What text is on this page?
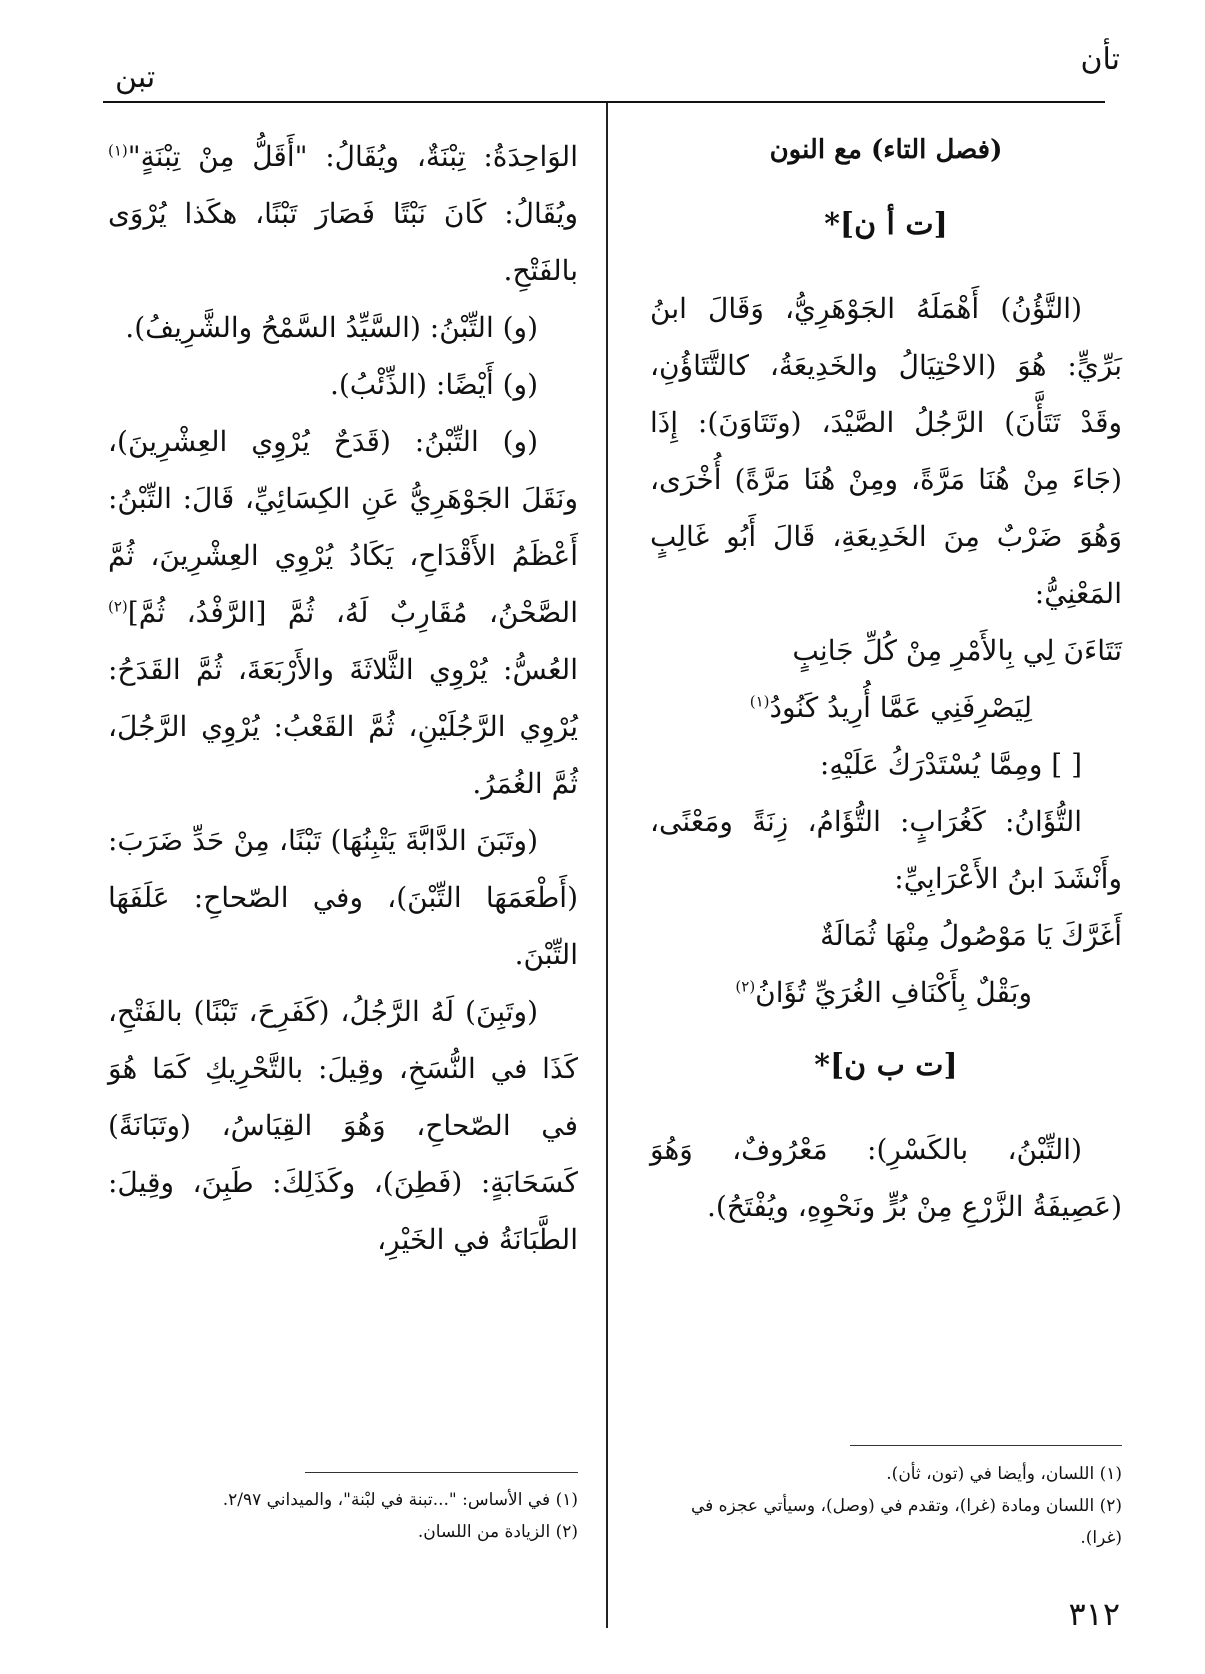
تأن
تبن
(فصل التاء) مع النون
[ت أ ن]*

(التَّؤُنُ) أَهْمَلَهُ الجَوْهَرِيُّ، وَقَالَ ابنُ بَرِّيٍّ: هُوَ (الاحْتِيَالُ والخَدِيعَةُ، كالتَّتَاؤُنِ، وقَدْ تَتَأَّنَ) الرَّجُلُ الصَّيْدَ، (وتَتَاوَنَ): إِذَا (جَاءَ مِنْ هُنَا مَرَّةً، ومِنْ هُنَا مَرَّةً) أُخْرَى، وَهُوَ ضَرْبٌ مِنَ الخَدِيعَةِ، قَالَ أَبُو غَالِبٍ المَعْنِيُّ:

تَتَاءَنَ لِي بِالأَمْرِ مِنْ كُلِّ جَانِبٍ

لِيَصْرِفَنِي عَمَّا أُرِيدُ كَنُودُ$^{(١)}$

[ ] ومِمَّا يُسْتَدْرَكُ عَلَيْهِ:

التُّؤَانُ: كَغُرَابٍ: التُّؤَامُ، زِنَةً ومَعْنًى، وأَنْشَدَ ابنُ الأَعْرَابِيِّ:

أَغَرَّكَ يَا مَوْصُولُ مِنْهَا ثُمَالَةٌ

وبَقْلٌ بِأَكْنَافِ الغُرَيِّ تُؤَانُ$^{(٢)}$

[ت ب ن]*

(التِّبْنُ، بالكَسْرِ): مَعْرُوفٌ، وَهُوَ (عَصِيفَةُ الزَّرْعِ مِنْ بُرٍّ ونَحْوِهِ، ويُفْتَحُ).

الوَاحِدَةُ: تِبْنَةٌ، ويُقَالُ: "أَقَلُّ مِنْ تِبْنَةٍ"$^{(١)}$ ويُقَالُ: كَانَ نَبْتًا فَصَارَ تَبْنًا، هكَذا يُرْوَى بالفَتْحِ.

(و) التِّبْنُ: (السَّيِّدُ السَّمْحُ والشَّرِيفُ).

(و) أَيْضًا: (الذِّئْبُ).

(و) التِّبْنُ: (قَدَحٌ يُرْوِي العِشْرِينَ)، ونَقَلَ الجَوْهَرِيُّ عَنِ الكِسَائِيِّ، قَالَ: التِّبْنُ: أَعْظَمُ الأَقْدَاحِ، يَكَادُ يُرْوِي العِشْرِينَ، ثُمَّ الصَّحْنُ، مُقَارِبٌ لَهُ، ثُمَّ [الرَّفْدُ، ثُمَّ]$^{(٢)}$ العُسُّ: يُرْوِي الثَّلاثَةَ والأَرْبَعَةَ، ثُمَّ القَدَحُ: يُرْوِي الرَّجُلَيْنِ، ثُمَّ القَعْبُ: يُرْوِي الرَّجُلَ، ثُمَّ الغُمَرُ.

(وتَبَنَ الدَّابَّةَ يَتْبِنُهَا) تَبْنًا، مِنْ حَدِّ ضَرَبَ: (أَطْعَمَهَا التِّبْنَ)، وفي الصّحاحِ: عَلَفَهَا التِّبْنَ.

(وتَبِنَ) لَهُ الرَّجُلُ، (كَفَرِحَ، تَبْنًا) بالفَتْحِ، كَذَا في النُّسَخِ، وقِيلَ: بالتَّحْرِيكِ كَمَا هُوَ في الصّحاحِ، وَهُوَ القِيَاسُ، (وتَبَانَةً) كَسَحَابَةٍ: (فَطِنَ)، وكَذَلِكَ: طَبِنَ، وقِيلَ: الطَّبَانَةُ في الخَيْرِ،

(١) اللسان، وأيضا في (تون، ثأن).

(٢) اللسان ومادة (غرا)، وتقدم في (وصل)، وسيأتي عجزه في (غرا).

(١) في الأساس: "...تبنة في لبْنة"، والميداني ٢/٩٧.

(٢) الزيادة من اللسان.

٣١٢
